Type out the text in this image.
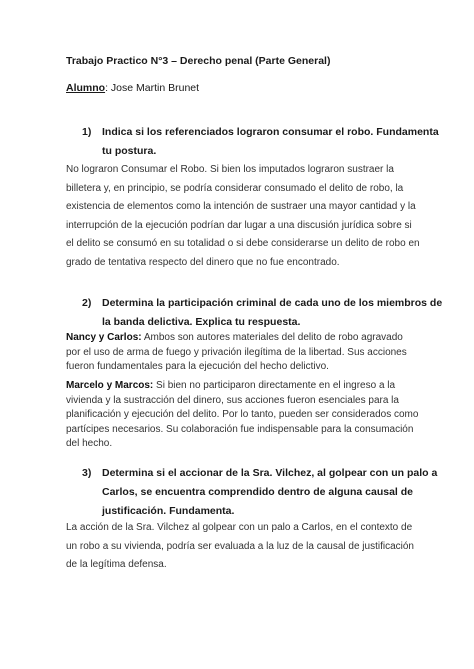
Trabajo Practico N°3 – Derecho penal (Parte General)
Alumno: Jose Martin Brunet
1) Indica si los referenciados lograron consumar el robo. Fundamenta
tu postura.
No lograron Consumar el Robo. Si bien los imputados lograron sustraer la
billetera y, en principio, se podría considerar consumado el delito de robo, la
existencia de elementos como la intención de sustraer una mayor cantidad y la
interrupción de la ejecución podrían dar lugar a una discusión jurídica sobre si
el delito se consumó en su totalidad o si debe considerarse un delito de robo en
grado de tentativa respecto del dinero que no fue encontrado.
2) Determina la participación criminal de cada uno de los miembros de
la banda delictiva. Explica tu respuesta.
Nancy y Carlos: Ambos son autores materiales del delito de robo agravado
por el uso de arma de fuego y privación ilegítima de la libertad. Sus acciones
fueron fundamentales para la ejecución del hecho delictivo.
Marcelo y Marcos: Si bien no participaron directamente en el ingreso a la
vivienda y la sustracción del dinero, sus acciones fueron esenciales para la
planificación y ejecución del delito. Por lo tanto, pueden ser considerados como
partícipes necesarios. Su colaboración fue indispensable para la consumación
del hecho.
3) Determina si el accionar de la Sra. Vilchez, al golpear con un palo a
Carlos, se encuentra comprendido dentro de alguna causal de
justificación. Fundamenta.
La acción de la Sra. Vilchez al golpear con un palo a Carlos, en el contexto de
un robo a su vivienda, podría ser evaluada a la luz de la causal de justificación
de la legítima defensa.
